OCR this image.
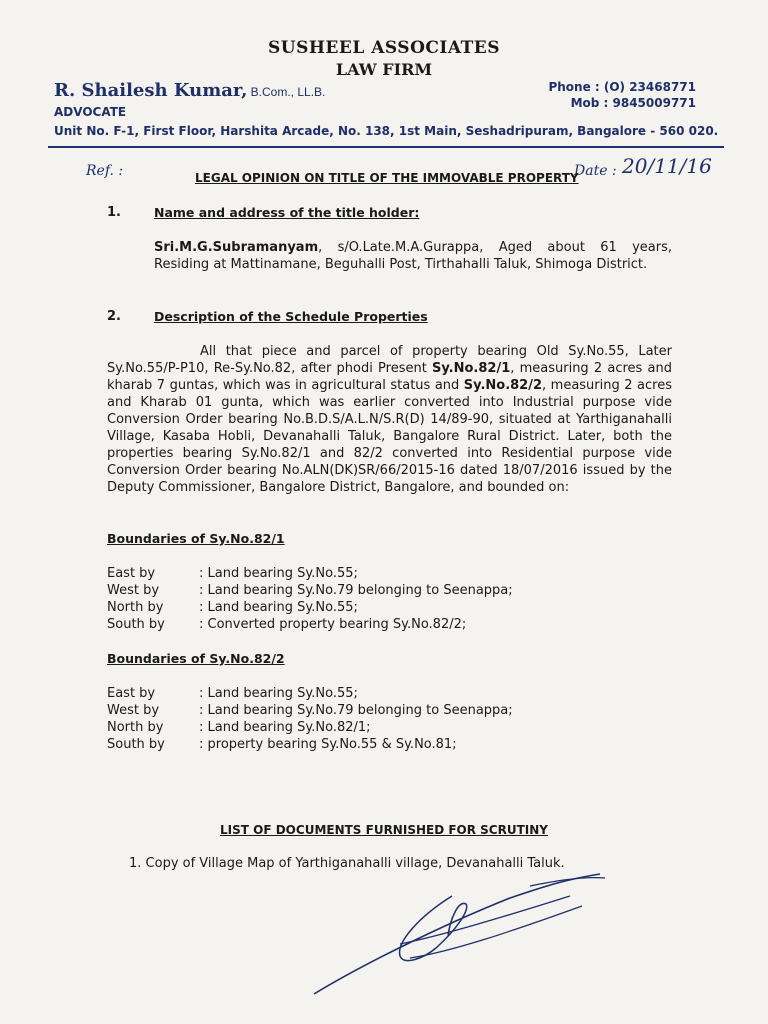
SUSHEEL ASSOCIATES
LAW FIRM
R. Shailesh Kumar, B.Com., LL.B.
ADVOCATE
Phone : (O) 23468771
Mob : 9845009771
Unit No. F-1, First Floor, Harshita Arcade, No. 138, 1st Main, Seshadripuram, Bangalore - 560 020.
Ref. :	Date : 20/11/16
LEGAL OPINION ON TITLE OF THE IMMOVABLE PROPERTY
1.	Name and address of the title holder:
Sri.M.G.Subramanyam, s/O.Late.M.A.Gurappa, Aged about 61 years, Residing at Mattinamane, Beguhalli Post, Tirthahalli Taluk, Shimoga District.
2.	Description of the Schedule Properties
All that piece and parcel of property bearing Old Sy.No.55, Later Sy.No.55/P-P10, Re-Sy.No.82, after phodi Present Sy.No.82/1, measuring 2 acres and kharab 7 guntas, which was in agricultural status and Sy.No.82/2, measuring 2 acres and Kharab 01 gunta, which was earlier converted into Industrial purpose vide Conversion Order bearing No.B.D.S/A.L.N/S.R(D) 14/89-90, situated at Yarthiganahalli Village, Kasaba Hobli, Devanahalli Taluk, Bangalore Rural District. Later, both the properties bearing Sy.No.82/1 and 82/2 converted into Residential purpose vide Conversion Order bearing No.ALN(DK)SR/66/2015-16 dated 18/07/2016 issued by the Deputy Commissioner, Bangalore District, Bangalore, and bounded on:
Boundaries of Sy.No.82/1
East by	: Land bearing Sy.No.55;
West by	: Land bearing Sy.No.79 belonging to Seenappa;
North by	: Land bearing Sy.No.55;
South by	: Converted property bearing Sy.No.82/2;
Boundaries of Sy.No.82/2
East by	: Land bearing Sy.No.55;
West by	: Land bearing Sy.No.79 belonging to Seenappa;
North by	: Land bearing Sy.No.82/1;
South by	: property bearing Sy.No.55 & Sy.No.81;
LIST OF DOCUMENTS FURNISHED FOR SCRUTINY
1. Copy of Village Map of Yarthiganahalli village, Devanahalli Taluk.
